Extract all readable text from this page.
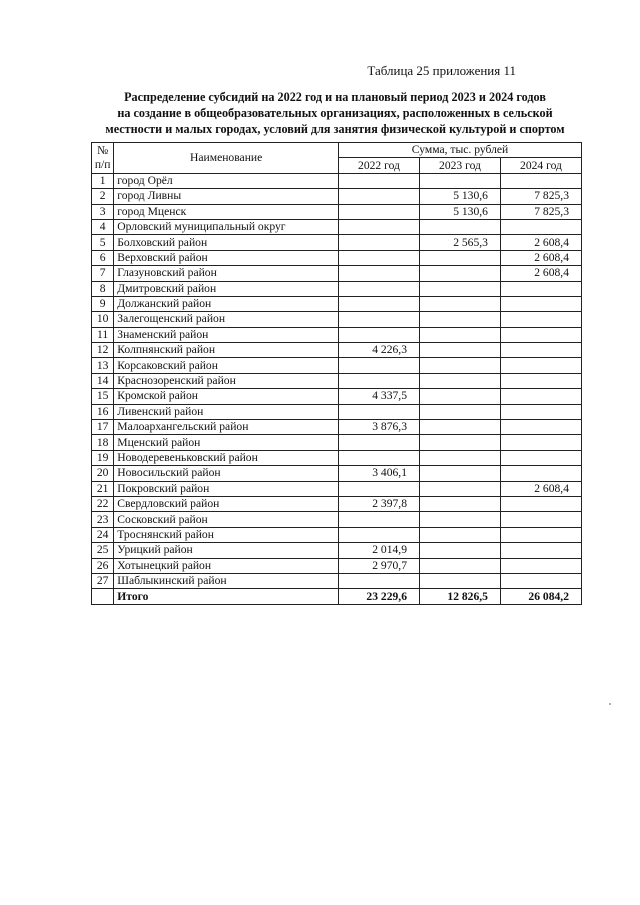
Таблица 25 приложения 11
Распределение субсидий на 2022 год и на плановый период 2023 и 2024 годов
на создание в общеобразовательных организациях, расположенных в сельской
местности и малых городах, условий для занятия физической культурой и спортом
№
п/п	Наименование	Сумма, тыс. рублей		
		2022 год	2023 год	2024 год
1	город Орёл			
2	город Ливны		5 130,6	7 825,3
3	город Мценск		5 130,6	7 825,3
4	Орловский муниципальный округ			
5	Болховский район		2 565,3	2 608,4
6	Верховский район			2 608,4
7	Глазуновский район			2 608,4
8	Дмитровский район			
9	Должанский район			
10	Залегощенский район			
11	Знаменский район			
12	Колпнянский район	4 226,3		
13	Корсаковский район			
14	Краснозоренский район			
15	Кромской район	4 337,5		
16	Ливенский район			
17	Малоархангельский район	3 876,3		
18	Мценский район			
19	Новодеревеньковский район			
20	Новосильский район	3 406,1		
21	Покровский район			2 608,4
22	Свердловский район	2 397,8		
23	Сосковский район			
24	Троснянский район			
25	Урицкий район	2 014,9		
26	Хотынецкий район	2 970,7		
27	Шаблыкинский район			
	Итого	23 229,6	12 826,5	26 084,2
